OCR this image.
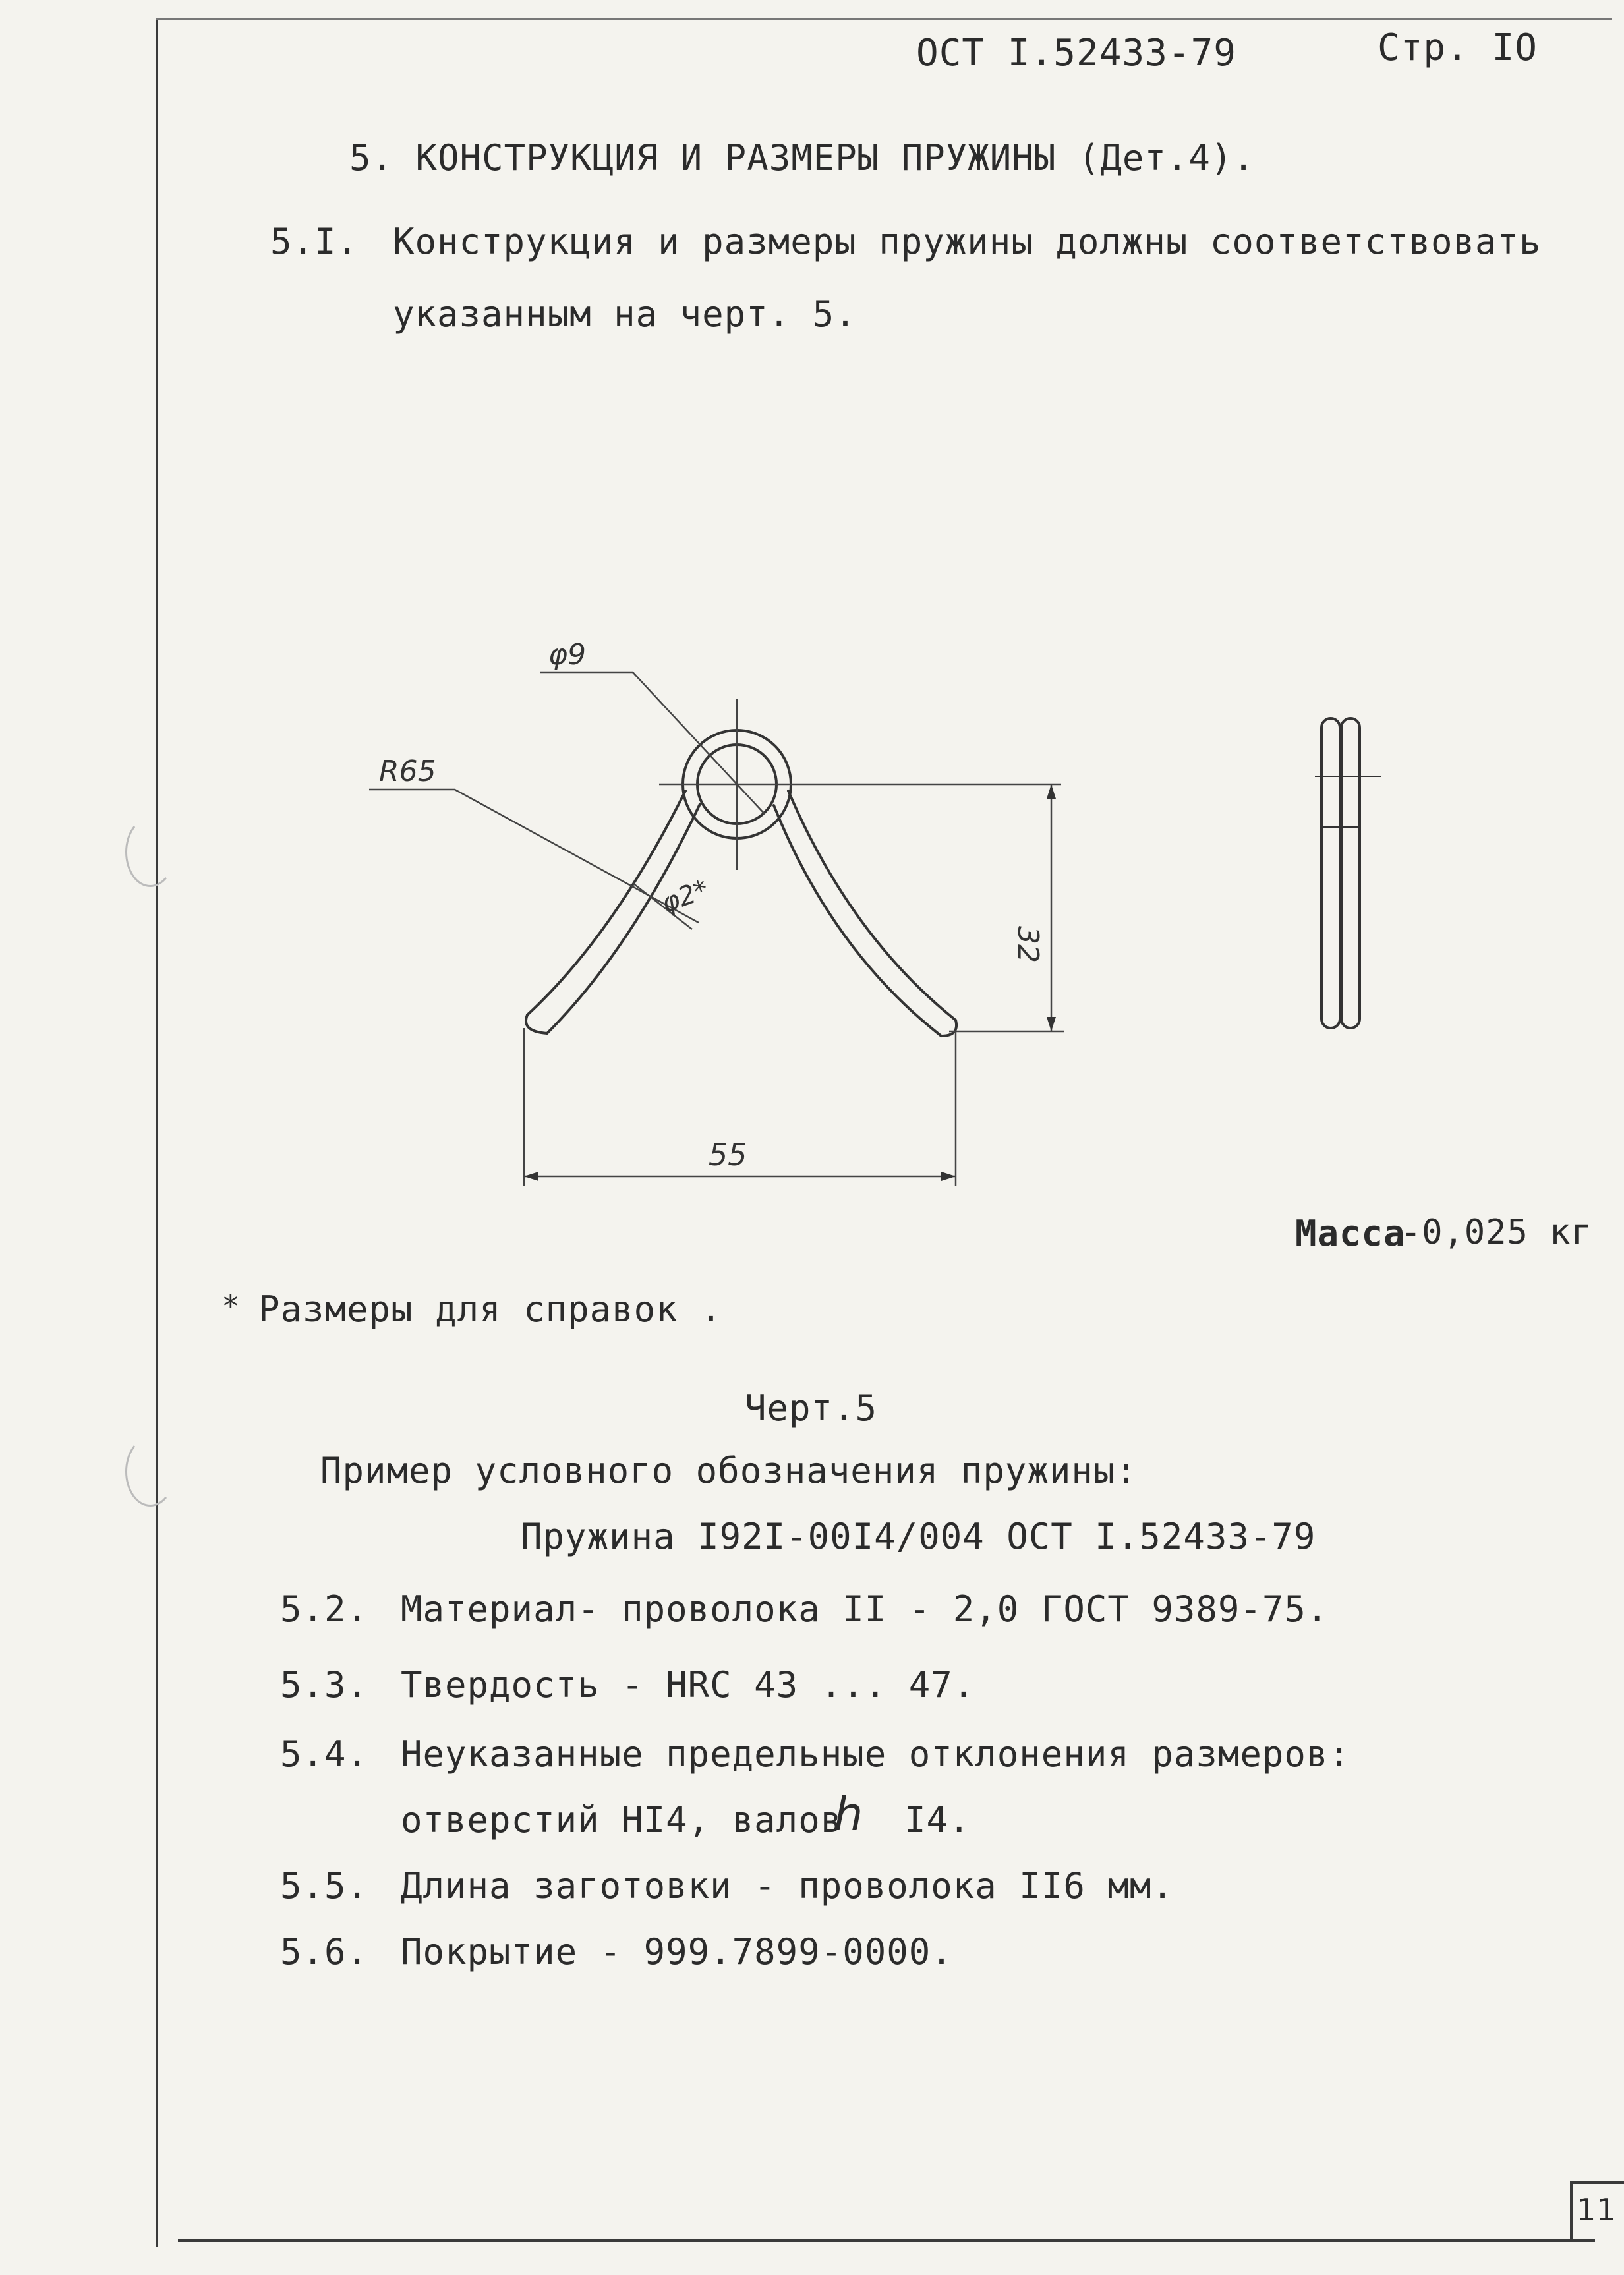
ОСТ I.52433-79	Стр. IO
5. КОНСТРУКЦИЯ И РАЗМЕРЫ ПРУЖИНЫ (Дет.4).
5.I. Конструкция и размеры пружины должны соответствовать
указанным на черт. 5.
φ9
R65
φ2*
32
55
Масса
-0,025 кг
* Размеры для справок .
Черт.5
Пример условного обозначения пружины:
Пружина I92I-00I4/004 ОСТ I.52433-79
5.2. Материал- проволока II - 2,0 ГОСТ 9389-75.
5.3. Твердость - HRC 43 ... 47.
5.4. Неуказанные предельные отклонения размеров:
отверстий HI4, валов
h I4.
5.5. Длина заготовки - проволока II6 мм.
5.6. Покрытие - 999.7899-0000.
11
